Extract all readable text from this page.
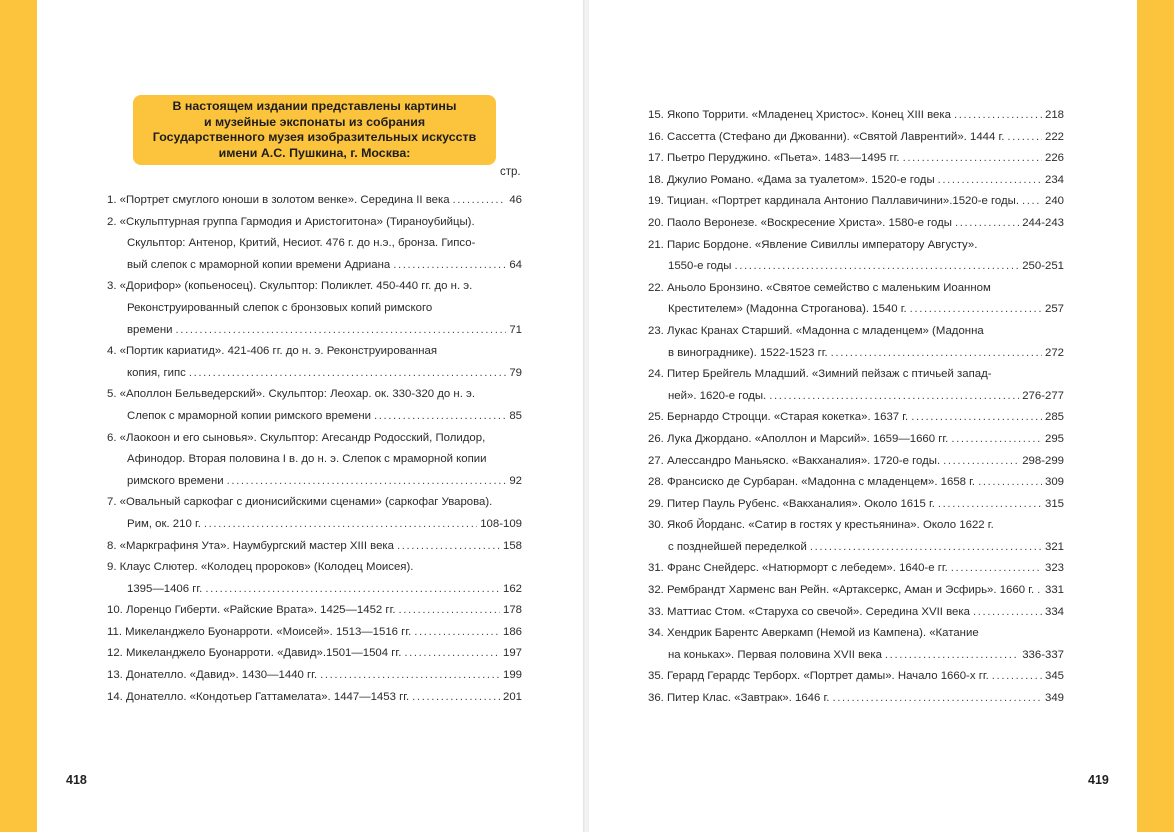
В настоящем издании представлены картины
и музейные экспонаты из собрания
Государственного музея изобразительных искусств
имени А.С. Пушкина, г. Москва:
стр.
1. «Портрет смуглого юноши в золотом венке». Середина II века .....	46
2. «Скульптурная группа Гармодия и Аристогитона» (Тираноубийцы).
Скульптор: Антенор, Критий, Несиот. 476 г. до н.э., бронза. Гипсо-
вый слепок с мраморной копии времени Адриана .....	64
3. «Дорифор» (копьеносец). Скульптор: Поликлет. 450-440 гг. до н. э.
Реконструированный слепок с бронзовых копий римского
времени .....	71
4. «Портик кариатид». 421-406 гг. до н. э. Реконструированная
копия, гипс .....	79
5. «Аполлон Бельведерский». Скульптор: Леохар. ок. 330-320 до н. э.
Слепок с мраморной копии римского времени .....	85
6. «Лаокоон и его сыновья». Скульптор: Агесандр Родосский, Полидор,
Афинодор. Вторая половина I в. до н. э. Слепок с мраморной копии
римского времени .....	92
7. «Овальный саркофаг с дионисийскими сценами» (саркофаг Уварова).
Рим, ок. 210 г. .....	108-109
8. «Маркграфиня Ута». Наумбургский мастер XIII века .....	158
9. Клаус Слютер. «Колодец пророков» (Колодец Моисея).
1395—1406 гг. .....	162
10. Лоренцо Гиберти. «Райские Врата». 1425—1452 гг. .....	178
11. Микеланджело Буонарроти. «Моисей». 1513—1516 гг. .....	186
12. Микеланджело Буонарроти. «Давид».1501—1504 гг. .....	197
13. Донателло. «Давид». 1430—1440 гг. .....	199
14. Донателло. «Кондотьер Гаттамелата». 1447—1453 гг. .....	201
15. Якопо Торрити. «Младенец Христос». Конец XIII века .....	218
16. Сассетта (Стефано ди Джованни). «Святой Лаврентий». 1444 г. .....	222
17. Пьетро Перуджино. «Пьета». 1483—1495 гг. .....	226
18. Джулио Романо. «Дама за туалетом». 1520-е годы .....	234
19. Тициан. «Портрет кардинала Антонио Паллавичини».1520-е годы. ..... 240
20. Паоло Веронезе. «Воскресение Христа». 1580-е годы .....	244-243
21. Парис Бордоне. «Явление Сивиллы императору Августу».
1550-е годы .....	250-251
22. Аньоло Бронзино. «Святое семейство с маленьким Иоанном
Крестителем» (Мадонна Строгановa). 1540 г. .....	257
23. Лукас Кранах Старший. «Мадонна с младенцем» (Мадонна
в винограднике). 1522-1523 гг. .....	272
24. Питер Брейгель Младший. «Зимний пейзаж с птичьей запад-
ней». 1620-е годы. .....	276-277
25. Бернардо Строцци. «Старая кокетка». 1637 г. .....	285
26. Лука Джордано. «Аполлон и Марсий». 1659—1660 гг. .....	295
27. Алессандро Маньяско. «Вакханалия». 1720-е годы. .....	298-299
28. Франсиско де Сурбаран. «Мадонна с младенцем». 1658 г. .....	309
29. Питер Пауль Рубенс. «Вакханалия». Около 1615 г. .....	315
30. Якоб Йорданс. «Сатир в гостях у крестьянина». Около 1622 г.
с позднейшей переделкой .....	321
31. Франс Снейдерс. «Натюрморт с лебедем». 1640-е гг. .....	323
32. Рембрандт Харменс ван Рейн. «Артаксеркс, Аман и Эсфирь». 1660 г. ..... 331
33. Маттиас Стом. «Старуха со свечой». Середина XVII века .....	334
34. Хендрик Барентс Аверкамп (Немой из Кампена). «Катание
на коньках». Первая половина XVII века .....	336-337
35. Герард Герардс Терборх. «Портрет дамы». Начало 1660-х гг. .....	345
36. Питер Клас. «Завтрак». 1646 г. .....	349
418	419
